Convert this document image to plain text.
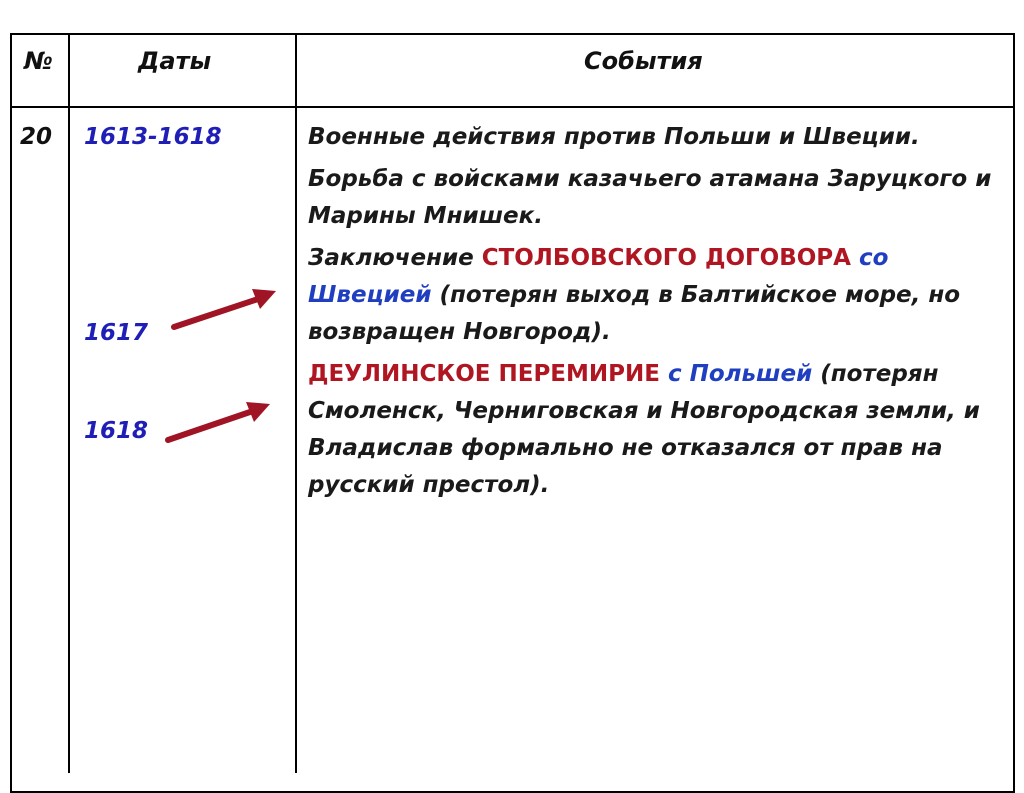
№	Даты	События
20 1613-1618
1617
1618

Военные действия против Польши и Швеции.

Борьба с войсками казачьего атамана Заруцкого и Марины Мнишек.

Заключение СТОЛБОВСКОГО ДОГОВОРА со Швецией (потерян выход в Балтийское море, но возвращен Новгород).

ДЕУЛИНСКОЕ ПЕРЕМИРИЕ с Польшей (потерян Смоленск, Черниговская и Новгородская земли, и Владислав формально не отказался от прав на русский престол).
